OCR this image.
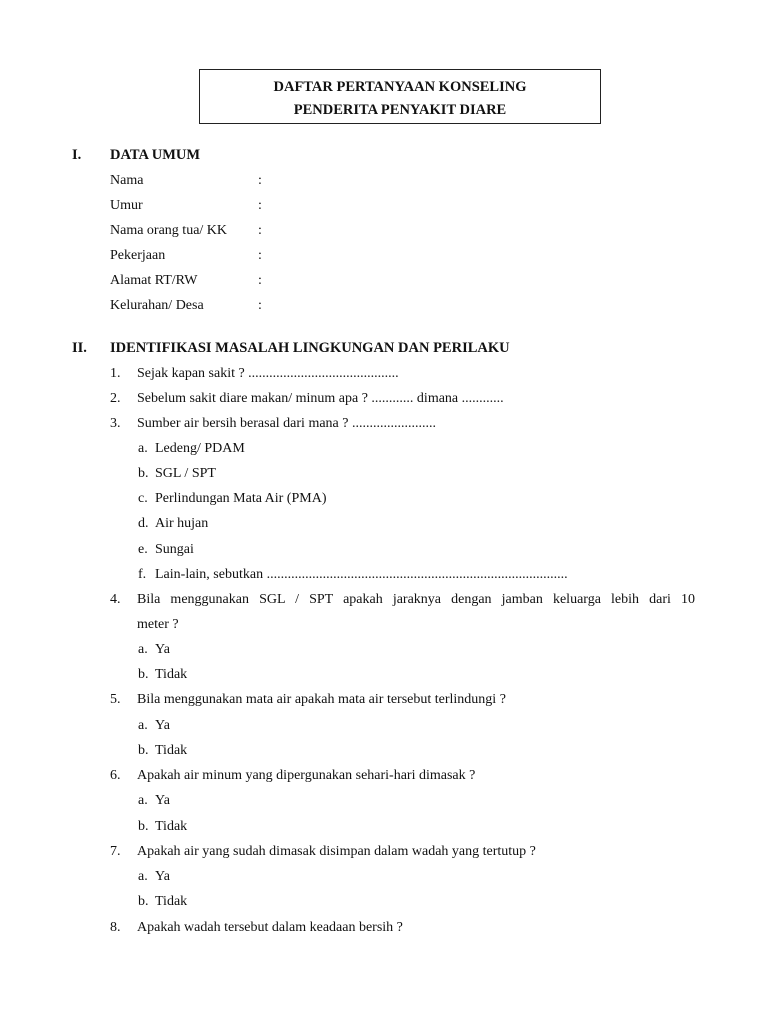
DAFTAR PERTANYAAN KONSELING
PENDERITA PENYAKIT DIARE
I. DATA UMUM
Nama	:
Umur	:
Nama orang tua/ KK :
Pekerjaan	:
Alamat RT/RW	:
Kelurahan/ Desa	:
II. IDENTIFIKASI MASALAH LINGKUNGAN DAN PERILAKU
1. Sejak kapan sakit ? ...........................................
2. Sebelum sakit diare makan/ minum apa ? ............ dimana ............
3. Sumber air bersih berasal dari mana ? ........................
a. Ledeng/ PDAM
b. SGL / SPT
c. Perlindungan Mata Air (PMA)
d. Air hujan
e. Sungai
f. Lain-lain, sebutkan ......................................................................................
4. Bila menggunakan SGL / SPT apakah jaraknya dengan jamban keluarga lebih dari 10
meter ?
a. Ya
b. Tidak
5. Bila menggunakan mata air apakah mata air tersebut terlindungi ?
a. Ya
b. Tidak
6. Apakah air minum yang dipergunakan sehari-hari dimasak ?
a. Ya
b. Tidak
7. Apakah air yang sudah dimasak disimpan dalam wadah yang tertutup ?
a. Ya
b. Tidak
8. Apakah wadah tersebut dalam keadaan bersih ?
